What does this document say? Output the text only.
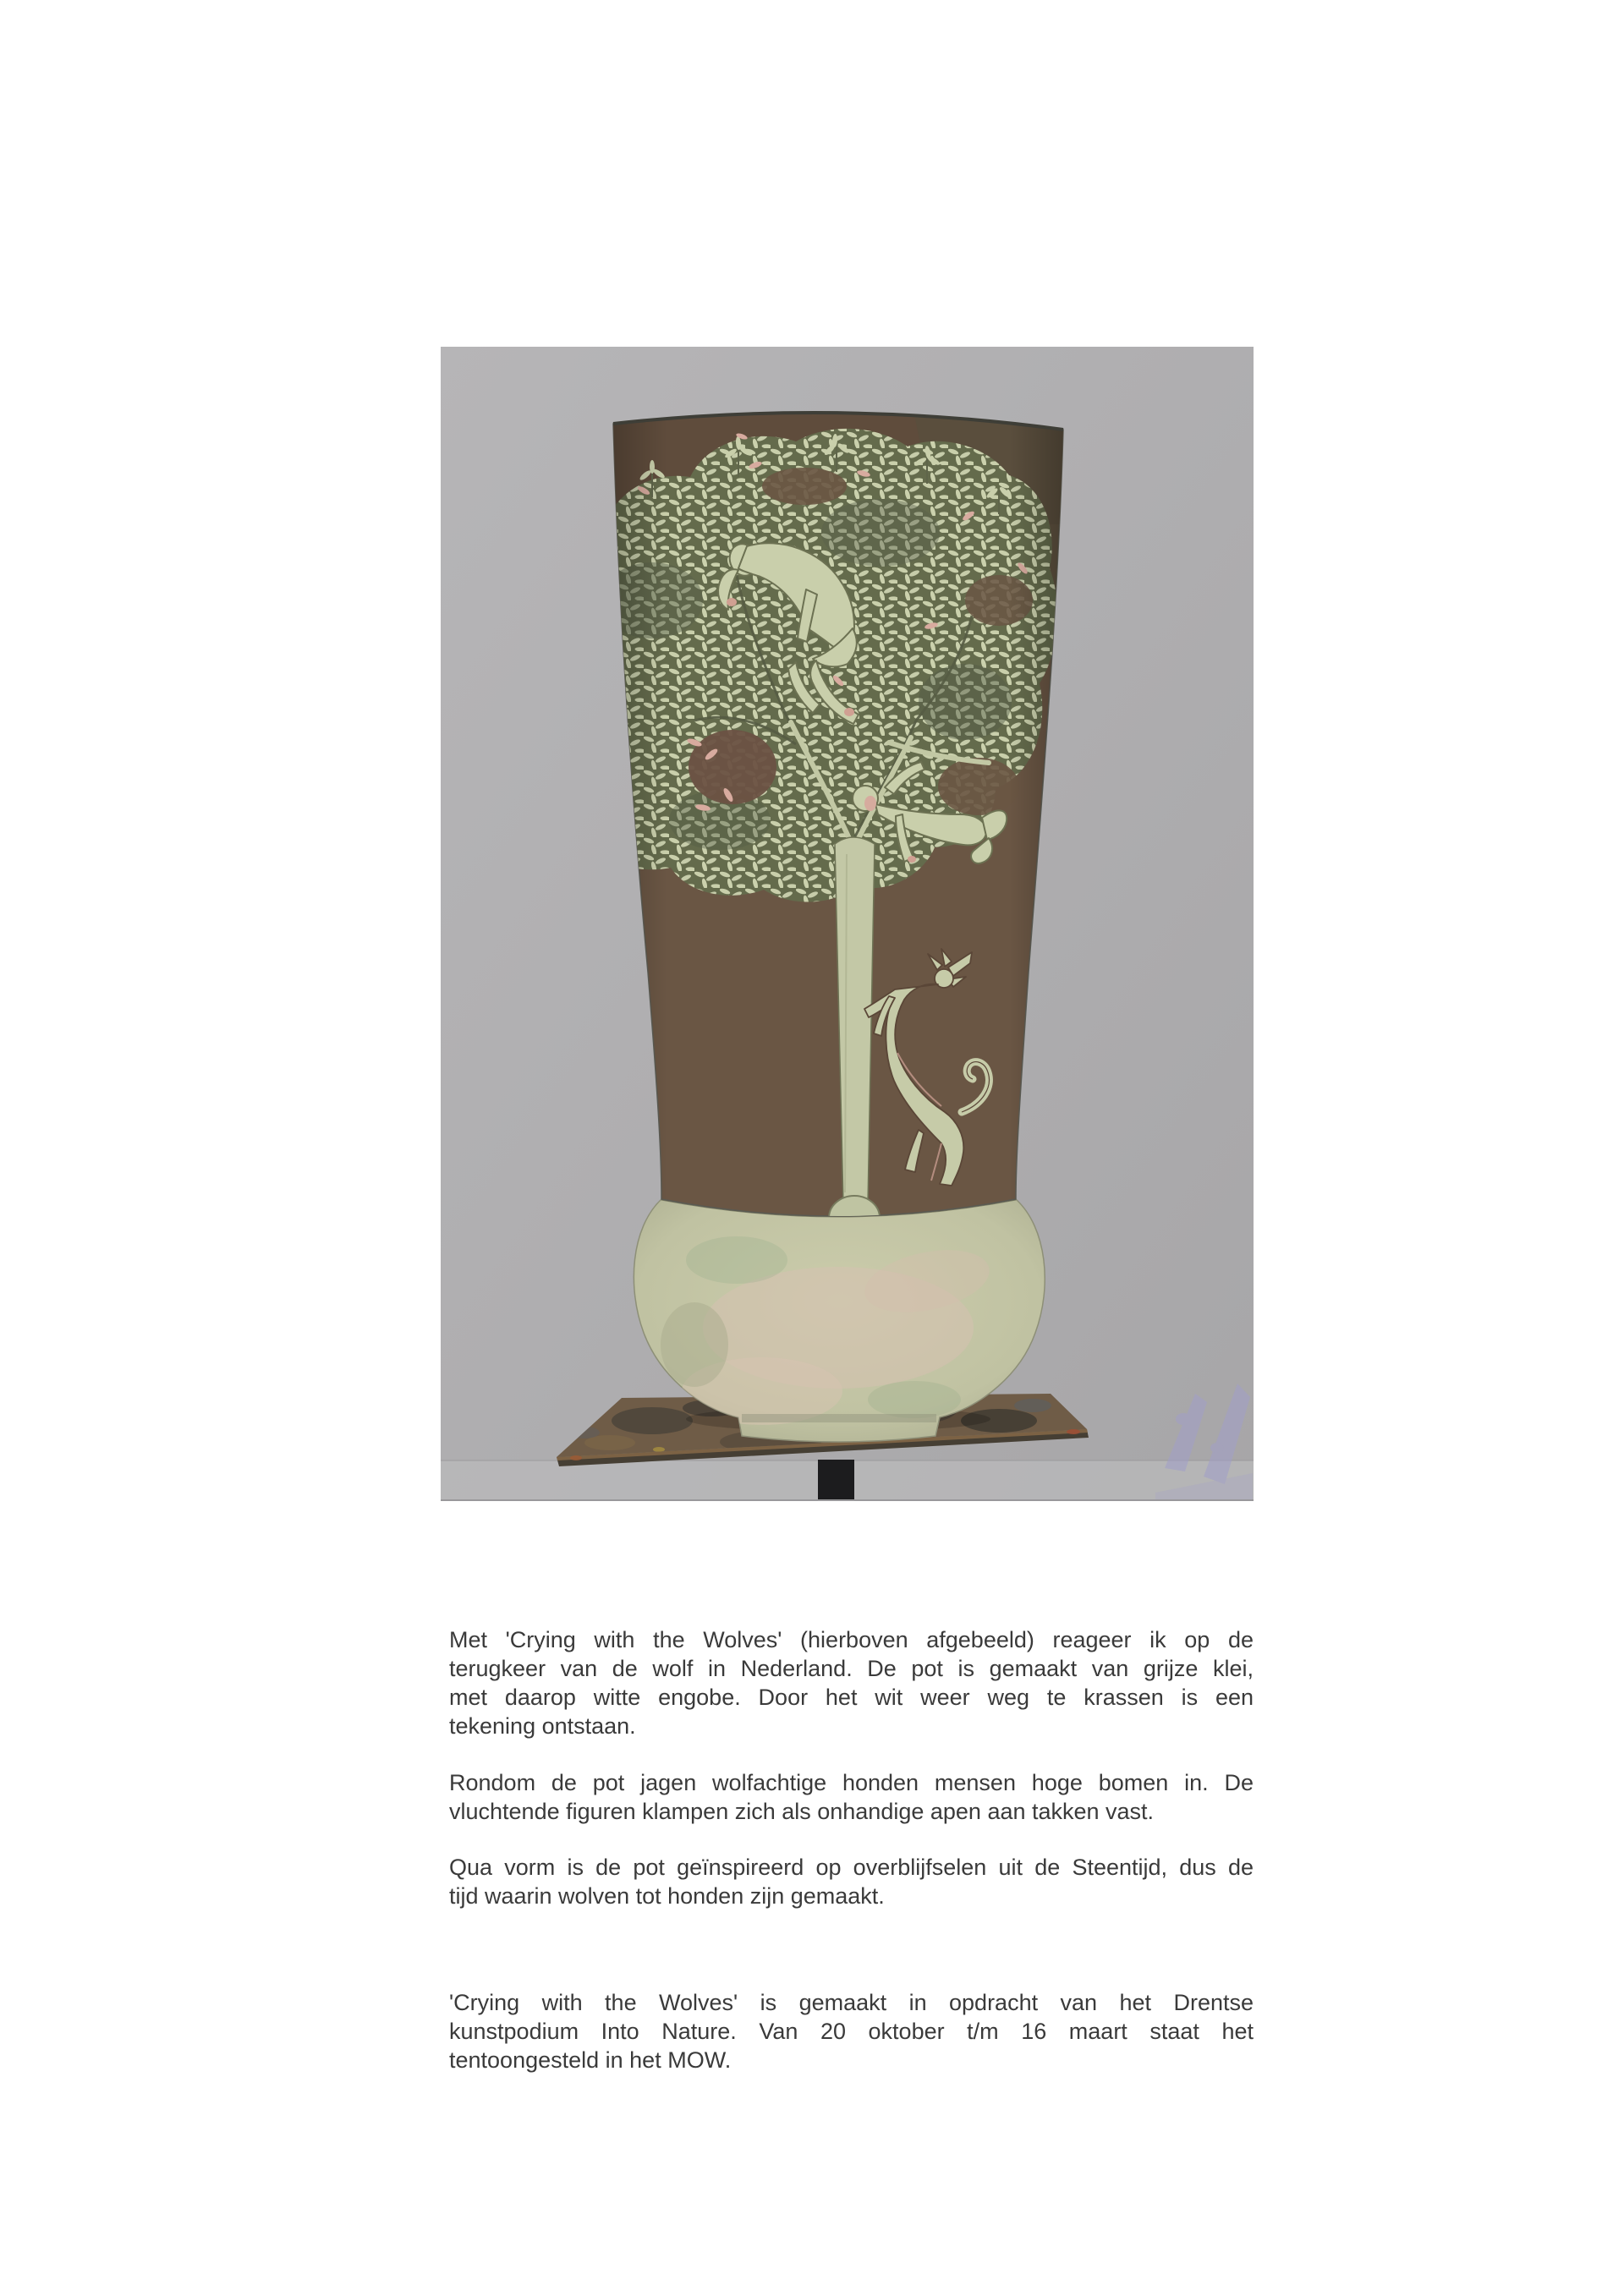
Met 'Crying with the Wolves' (hierboven afgebeeld) reageer ik op de
terugkeer van de wolf in Nederland. De pot is gemaakt van grijze klei,
met daarop witte engobe. Door het wit weer weg te krassen is een
tekening ontstaan.

Rondom de pot jagen wolfachtige honden mensen hoge bomen in. De
vluchtende figuren klampen zich als onhandige apen aan takken vast.

Qua vorm is de pot geïnspireerd op overblijfselen uit de Steentijd, dus de
tijd waarin wolven tot honden zijn gemaakt.

'Crying with the Wolves' is gemaakt in opdracht van het Drentse
kunstpodium Into Nature. Van 20 oktober t/m 16 maart staat het
tentoongesteld in het MOW.
